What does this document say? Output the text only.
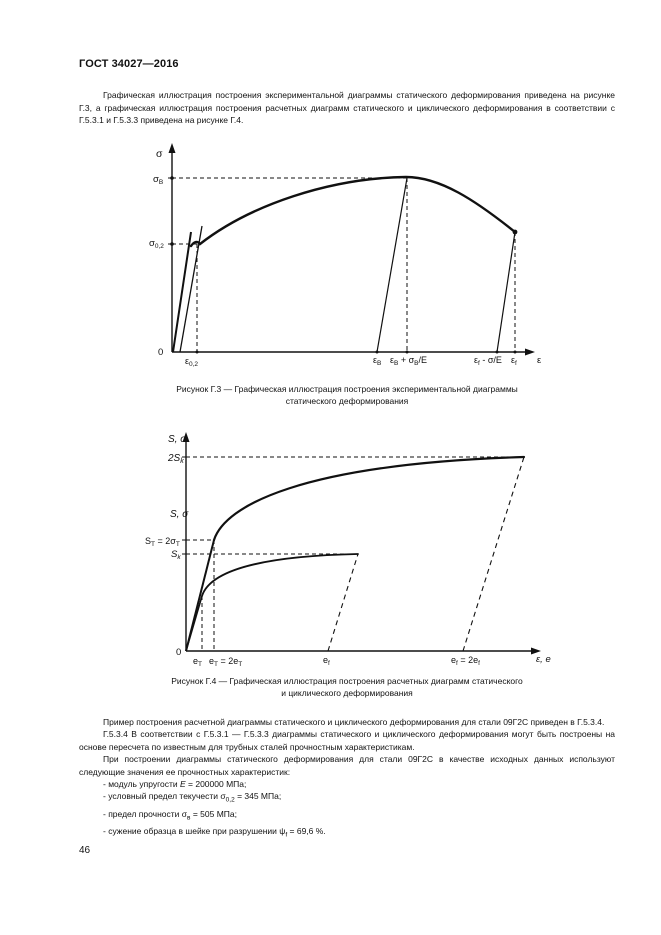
ГОСТ 34027—2016

Графическая иллюстрация построения экспериментальной диаграммы статического деформирования приведена на рисунке Г.3, а графическая иллюстрация построения расчетных диаграмм статического и циклического деформирования в соответствии с Г.5.3.1 и Г.5.3.3 приведена на рисунке Г.4.

σ
$\sigma_B$
$\sigma_{0,2}$
0
ε
$\varepsilon_{0,2}$	$\varepsilon_B$ $\varepsilon_B + \sigma_B/E$	$\varepsilon_f - \sigma/E$ $\varepsilon_f$
Рисунок Г.3 — Графическая иллюстрация построения экспериментальной диаграммы
статического деформирования
S, σ
$2S_k$
S, σ
$S_T = 2\sigma_T$
$S_k$
0
ε, e
$e_T$ $e_T = 2e_T$	$e_f$	$e_f = 2e_f$
Рисунок Г.4 — Графическая иллюстрация построения расчетных диаграмм статического
и циклического деформирования

Пример построения расчетной диаграммы статического и циклического деформирования для стали 09Г2С приведен в Г.5.3.4.

Г.5.3.4 В соответствии с Г.5.3.1 — Г.5.3.3 диаграммы статического и циклического деформирования могут быть построены на основе пересчета по известным для трубных сталей прочностным характеристикам.

При построении диаграммы статического деформирования для стали 09Г2С в качестве исходных данных используют следующие значения ее прочностных характеристик:

- модуль упругости E = 200000 МПа;

- условный предел текучести $\sigma_{0,2} = 345$ МПа;

- предел прочности $\sigma_в = 505$ МПа;

- сужение образца в шейке при разрушении $\psi_f = 69,6$ %.

46
